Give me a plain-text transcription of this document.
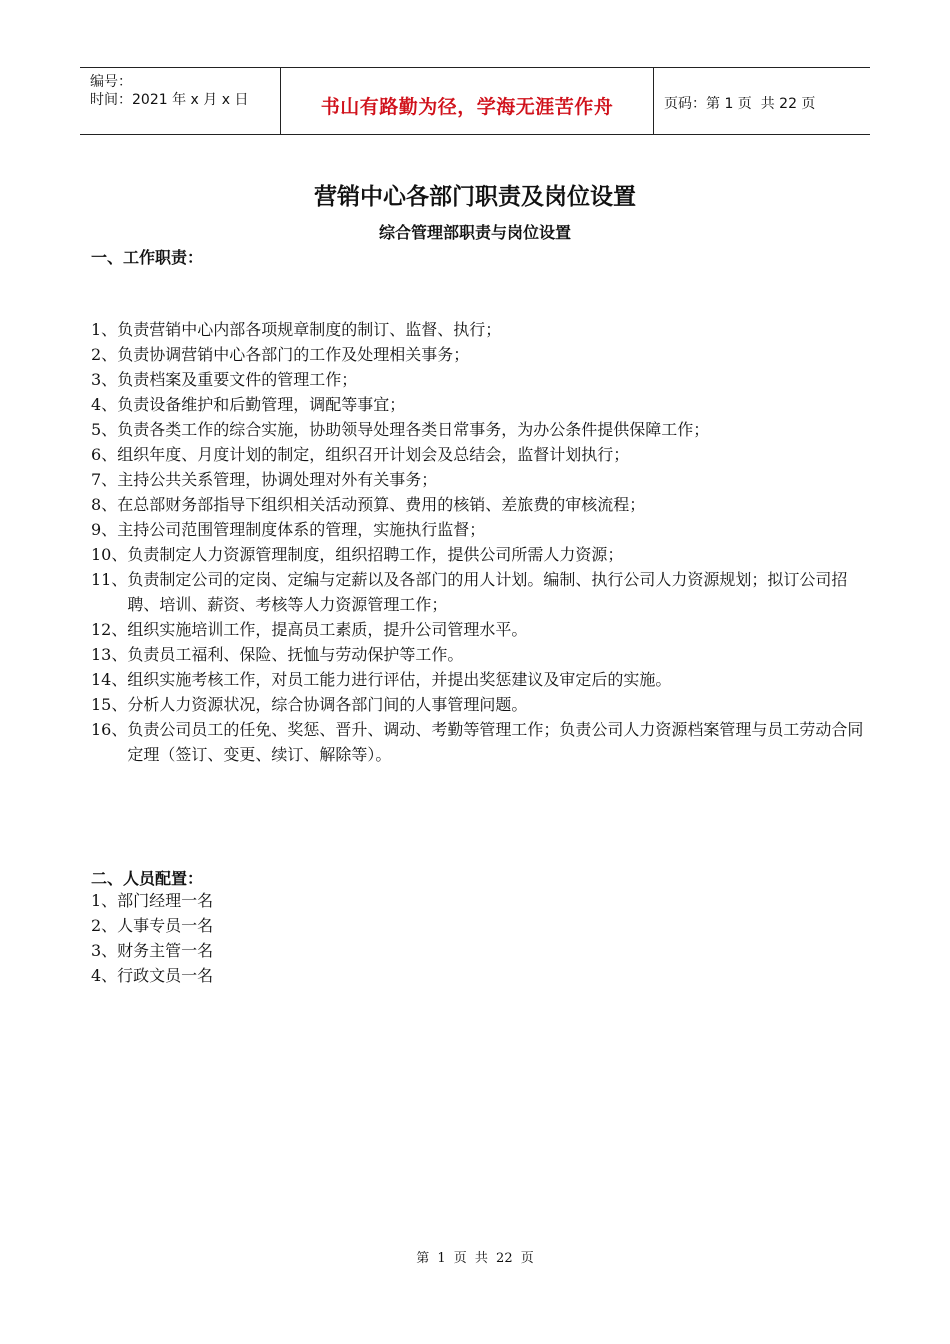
编号：
时间：2021 年 x 月 x 日	书山有路勤为径，学海无涯苦作舟	页码：第 1 页  共 22 页
营销中心各部门职责及岗位设置
综合管理部职责与岗位设置
一、工作职责：
1、 负责营销中心内部各项规章制度的制订、监督、执行；
2、 负责协调营销中心各部门的工作及处理相关事务；
3、 负责档案及重要文件的管理工作；
4、 负责设备维护和后勤管理，调配等事宜；
5、 负责各类工作的综合实施，协助领导处理各类日常事务，为办公条件提供保障工作；
6、 组织年度、月度计划的制定，组织召开计划会及总结会，监督计划执行；
7、 主持公共关系管理，协调处理对外有关事务；
8、 在总部财务部指导下组织相关活动预算、费用的核销、差旅费的审核流程；
9、 主持公司范围管理制度体系的管理，实施执行监督；
10、 负责制定人力资源管理制度，组织招聘工作，提供公司所需人力资源；
11、 负责制定公司的定岗、定编与定薪以及各部门的用人计划。编制、执行公司人力资源规划；拟订公司招聘、培训、薪资、考核等人力资源管理工作；
12、 组织实施培训工作，提高员工素质，提升公司管理水平。
13、 负责员工福利、保险、抚恤与劳动保护等工作。
14、 组织实施考核工作，对员工能力进行评估，并提出奖惩建议及审定后的实施。
15、 分析人力资源状况，综合协调各部门间的人事管理问题。
16、 负责公司员工的任免、奖惩、晋升、调动、考勤等管理工作；负责公司人力资源档案管理与员工劳动合同定理（签订、变更、续订、解除等）。
二、人员配置：
1、部门经理一名
2、人事专员一名
3、财务主管一名
4、行政文员一名
第 1 页 共 22 页
